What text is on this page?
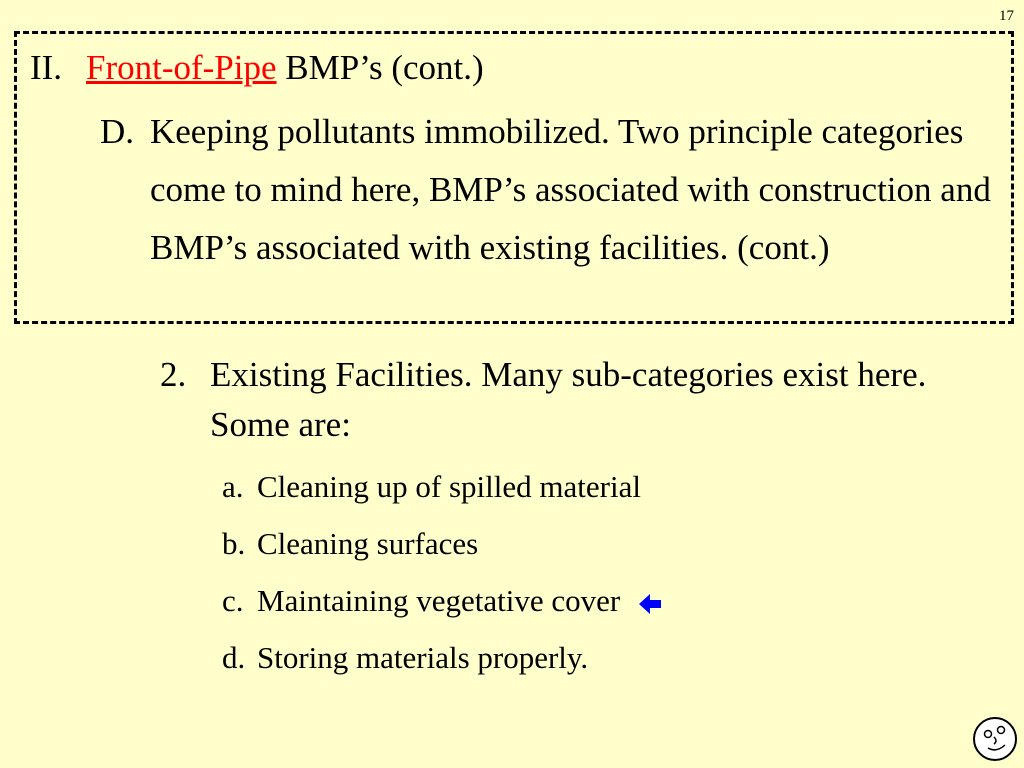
17
II. Front-of-Pipe BMP’s (cont.)
D. Keeping pollutants immobilized. Two principle categories come to mind here, BMP’s associated with construction and BMP’s associated with existing facilities. (cont.)
2. Existing Facilities. Many sub-categories exist here. Some are:
a. Cleaning up of spilled material
b. Cleaning surfaces
c. Maintaining vegetative cover
d. Storing materials properly.
